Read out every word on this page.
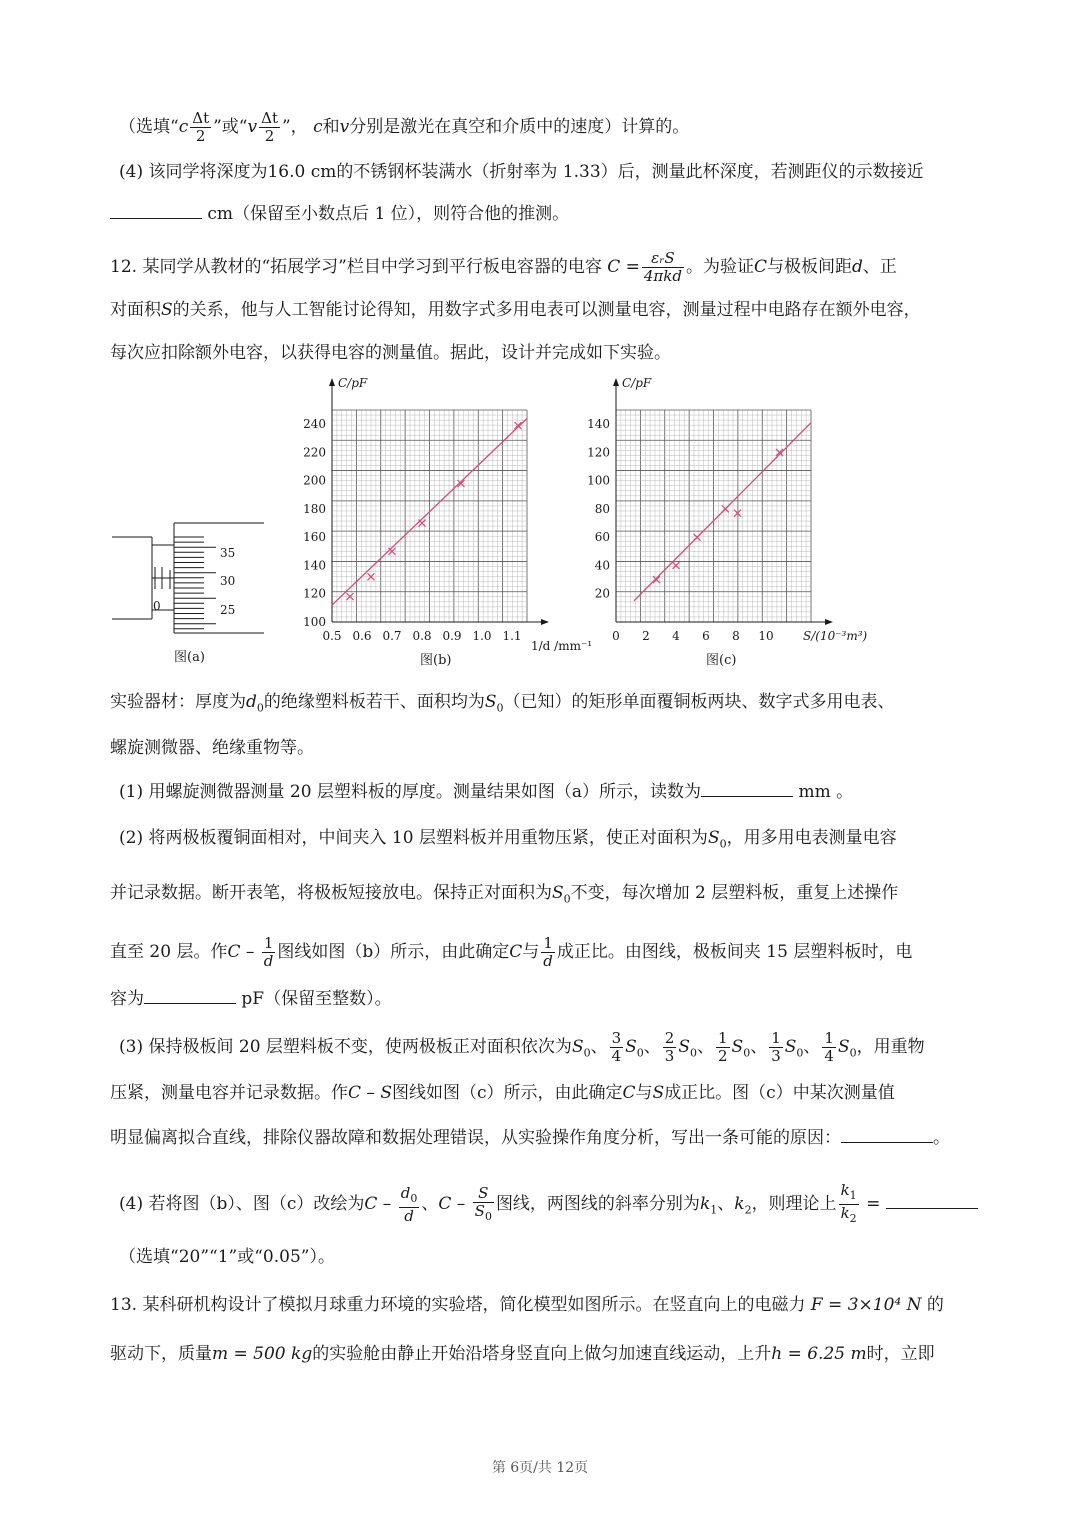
（选填“$c \frac{\Delta t}{2}$ ”或“$v \frac{\Delta t}{2}$ ”， c和v分别是激光在真空和介质中的速度）计算的。
(4) 该同学将深度为16.0 cm的不锈钢杯装满水（折射率为 1.33）后，测量此杯深度，若测距仪的示数接近
cm（保留至小数点后 1 位），则符合他的推测。
12. 某同学从教材的“拓展学习”栏目中学习到平行板电容器的电容 $C = \frac{\text{εᵣS}}{\text{4πkd}}$ 。为验证C与极板间距d、正
对面积S的关系，他与人工智能讨论得知，用数字式多用电表可以测量电容，测量过程中电路存在额外电容，
每次应扣除额外电容，以获得电容的测量值。据此，设计并完成如下实验。
0
35
30
25
图(a)
0.5 0.6 0.7 0.8 0.9 1.0 1.1
100
120
140
160
180
200
220
240
C/pF
1/d /mm⁻¹
图(b)
0 2 4 6 8 10
20
40
60
80
100
120
140
C/pF
S/(10⁻³m³)
图(c)
实验器材：厚度为$d_0$的绝缘塑料板若干、面积均为$S_0$（已知）的矩形单面覆铜板两块、数字式多用电表、
螺旋测微器、绝缘重物等。
(1) 用螺旋测微器测量 20 层塑料板的厚度。测量结果如图（a）所示，读数为	mm 。
(2) 将两极板覆铜面相对，中间夹入 10 层塑料板并用重物压紧，使正对面积为$S_0$，用多用电表测量电容
并记录数据。断开表笔，将极板短接放电。保持正对面积为$S_0$不变，每次增加 2 层塑料板，重复上述操作
直至 20 层。作C – $\frac{1}{d}$ 图线如图（b）所示，由此确定C与 $\frac{1}{d}$ 成正比。由图线，极板间夹 15 层塑料板时，电
容为	pF（保留至整数）。
(3) 保持极板间 20 层塑料板不变，使两极板正对面积依次为$S_0$、 $\frac{3}{4} S_0$、 $\frac{2}{3} S_0$、 $\frac{1}{2} S_0$、 $\frac{1}{3} S_0$、 $\frac{1}{4} S_0$，用重物
压紧，测量电容并记录数据。作C – S图线如图（c）所示，由此确定C与S成正比。图（c）中某次测量值
明显偏离拟合直线，排除仪器故障和数据处理错误，从实验操作角度分析，写出一条可能的原因：	。
(4) 若将图（b）、图（c）改绘为C – $\frac{d_0}{d}$ 、C – $\frac{S}{S_0}$ 图线，两图线的斜率分别为$k_1$、$k_2$，则理论上 $\frac{k_1}{k_2}$ =
（选填“20”“1”或“0.05”）。
13. 某科研机构设计了模拟月球重力环境的实验塔，简化模型如图所示。在竖直向上的电磁力 F = 3×10⁴ N 的
驱动下，质量m = 500 kg的实验舱由静止开始沿塔身竖直向上做匀加速直线运动，上升h = 6.25 m时，立即
第 6页/共 12页
